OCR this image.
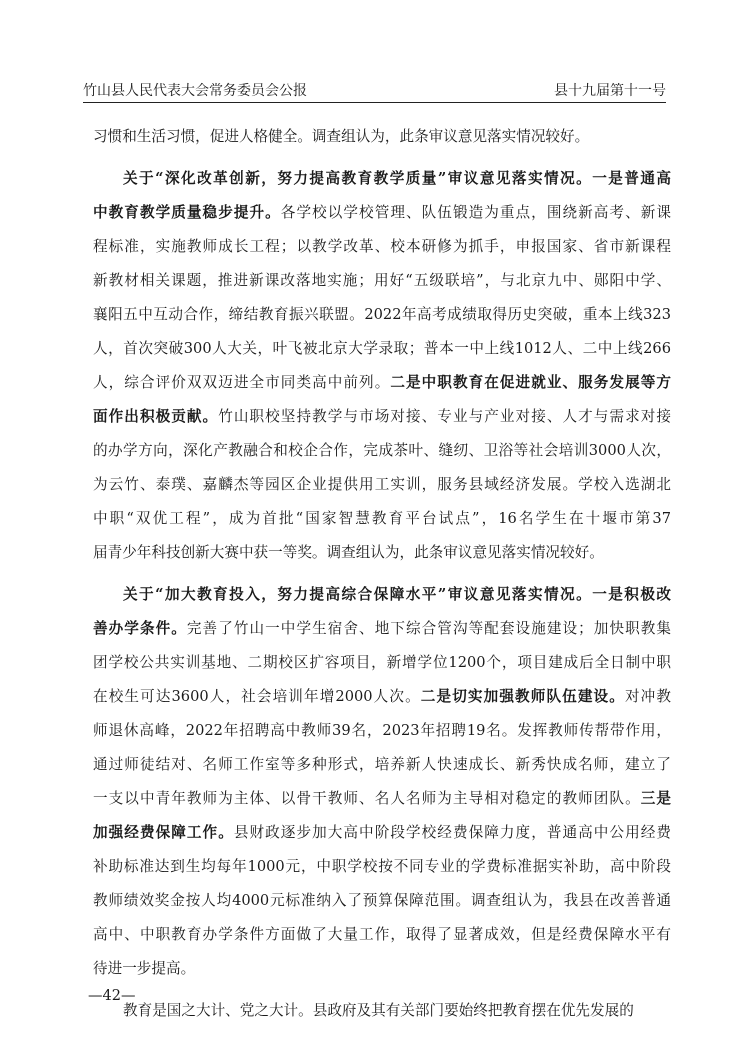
竹山县人民代表大会常务委员会公报	县十九届第十一号
习惯和生活习惯，促进人格健全。调查组认为，此条审议意见落实情况较好。
关于“深化改革创新，努力提高教育教学质量”审议意见落实情况。一是普通高
中教育教学质量稳步提升。各学校以学校管理、队伍锻造为重点，围绕新高考、新课
程标准，实施教师成长工程；以教学改革、校本研修为抓手，申报国家、省市新课程
新教材相关课题，推进新课改落地实施；用好“五级联培”，与北京九中、郧阳中学、
襄阳五中互动合作，缔结教育振兴联盟。2022年高考成绩取得历史突破，重本上线323
人，首次突破300人大关，叶飞被北京大学录取；普本一中上线1012人、二中上线266
人，综合评价双双迈进全市同类高中前列。二是中职教育在促进就业、服务发展等方
面作出积极贡献。竹山职校坚持教学与市场对接、专业与产业对接、人才与需求对接
的办学方向，深化产教融合和校企合作，完成茶叶、缝纫、卫浴等社会培训3000人次，
为云竹、泰璞、嘉麟杰等园区企业提供用工实训，服务县域经济发展。学校入选湖北
中职“双优工程”，成为首批“国家智慧教育平台试点”，16名学生在十堰市第37
届青少年科技创新大赛中获一等奖。调查组认为，此条审议意见落实情况较好。
关于“加大教育投入，努力提高综合保障水平”审议意见落实情况。一是积极改
善办学条件。完善了竹山一中学生宿舍、地下综合管沟等配套设施建设；加快职教集
团学校公共实训基地、二期校区扩容项目，新增学位1200个，项目建成后全日制中职
在校生可达3600人，社会培训年增2000人次。二是切实加强教师队伍建设。对冲教
师退休高峰，2022年招聘高中教师39名，2023年招聘19名。发挥教师传帮带作用，
通过师徒结对、名师工作室等多种形式，培养新人快速成长、新秀快成名师，建立了
一支以中青年教师为主体、以骨干教师、名人名师为主导相对稳定的教师团队。三是
加强经费保障工作。县财政逐步加大高中阶段学校经费保障力度，普通高中公用经费
补助标准达到生均每年1000元，中职学校按不同专业的学费标准据实补助，高中阶段
教师绩效奖金按人均4000元标准纳入了预算保障范围。调查组认为，我县在改善普通
高中、中职教育办学条件方面做了大量工作，取得了显著成效，但是经费保障水平有
待进一步提高。
教育是国之大计、党之大计。县政府及其有关部门要始终把教育摆在优先发展的
—42—
